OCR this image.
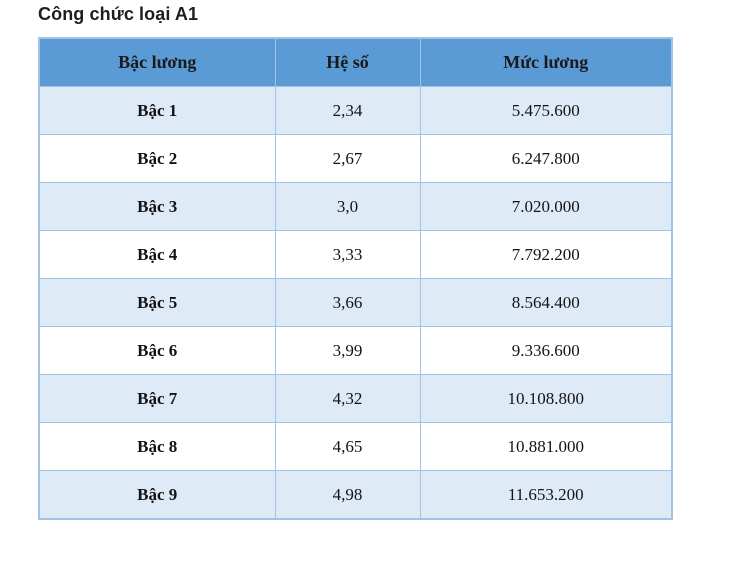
Công chức loại A1
Bậc lương	Hệ số	Mức lương
Bậc 1	2,34	5.475.600
Bậc 2	2,67	6.247.800
Bậc 3	3,0	7.020.000
Bậc 4	3,33	7.792.200
Bậc 5	3,66	8.564.400
Bậc 6	3,99	9.336.600
Bậc 7	4,32	10.108.800
Bậc 8	4,65	10.881.000
Bậc 9	4,98	11.653.200
